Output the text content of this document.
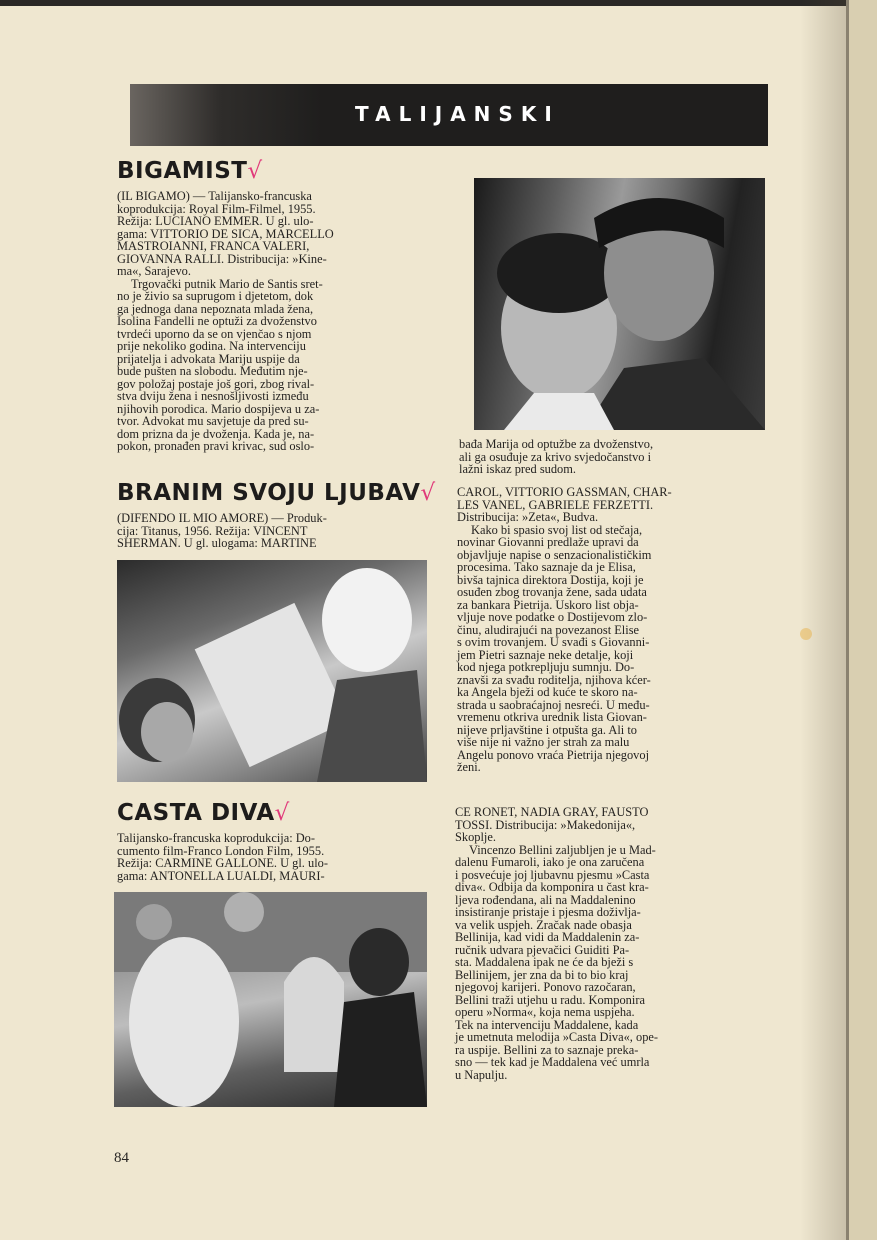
TALIJANSKI
BIGAMIST√

(IL BIGAMO) — Talijansko-francuska

koprodukcija: Royal Film-Filmel, 1955.

Režija: LUCIANO EMMER. U gl. ulo-

gama: VITTORIO DE SICA, MARCELLO

MASTROIANNI, FRANCA VALERI,

GIOVANNA RALLI. Distribucija: »Kine-

ma«, Sarajevo.

Trgovački putnik Mario de Santis sret-

no je živio sa suprugom i djetetom, dok

ga jednoga dana nepoznata mlada žena,

Isolina Fandelli ne optuži za dvoženstvo

tvrdeći uporno da se on vjenčao s njom

prije nekoliko godina. Na intervenciju

prijatelja i advokata Mariju uspije da

bude pušten na slobodu. Međutim nje-

gov položaj postaje još gori, zbog rival-

stva dviju žena i nesnošljivosti između

njihovih porodica. Mario dospijeva u za-

tvor. Advokat mu savjetuje da pred su-

dom prizna da je dvoženja. Kada je, na-

pokon, pronađen pravi krivac, sud oslo-	bađa Marija od optužbe za dvoženstvo,

ali ga osuđuje za krivo svjedočanstvo i

lažni iskaz pred sudom.

BRANIM SVOJU LJUBAV√

(DIFENDO IL MIO AMORE) — Produk-

cija: Titanus, 1956. Režija: VINCENT

SHERMAN. U gl. ulogama: MARTINE

CAROL, VITTORIO GASSMAN, CHAR-

LES VANEL, GABRIELE FERZETTI.

Distribucija: »Zeta«, Budva.

Kako bi spasio svoj list od stečaja,

novinar Giovanni predlaže upravi da

objavljuje napise o senzacionalističkim

procesima. Tako saznaje da je Elisa,

bivša tajnica direktora Dostija, koji je

osuđen zbog trovanja žene, sada udata

za bankara Pietrija. Uskoro list obja-

vljuje nove podatke o Dostijevom zlo-

činu, aludirajući na povezanost Elise

s ovim trovanjem. U svađi s Giovanni-

jem Pietri saznaje neke detalje, koji

kod njega potkrepljuju sumnju. Do-

znavši za svađu roditelja, njihova kćer-

ka Angela bježi od kuće te skoro na-

strada u saobraćajnoj nesreći. U među-

vremenu otkriva urednik lista Giovan-

nijeve prljavštine i otpušta ga. Ali to

više nije ni važno jer strah za malu

Angelu ponovo vraća Pietrija njegovoj

ženi.

CASTA DIVA√

Talijansko-francuska koprodukcija: Do-

cumento film-Franco London Film, 1955.

Režija: CARMINE GALLONE. U gl. ulo-

gama: ANTONELLA LUALDI, MAURI-

CE RONET, NADIA GRAY, FAUSTO

TOSSI. Distribucija: »Makedonija«,

Skoplje.

Vincenzo Bellini zaljubljen je u Mad-

dalenu Fumaroli, iako je ona zaručena

i posvećuje joj ljubavnu pjesmu »Casta

diva«. Odbija da komponira u čast kra-

ljeva rođendana, ali na Maddalenino

insistiranje pristaje i pjesma doživlja-

va velik uspjeh. Zračak nade obasja

Bellinija, kad vidi da Maddalenin za-

ručnik udvara pjevačici Guiditi Pa-

sta. Maddalena ipak ne će da bježi s

Bellinijem, jer zna da bi to bio kraj

njegovoj karijeri. Ponovo razočaran,

Bellini traži utjehu u radu. Komponira

operu »Norma«, koja nema uspjeha.

Tek na intervenciju Maddalene, kada

je umetnuta melodija »Casta Diva«, ope-

ra uspije. Bellini za to saznaje preka-

sno — tek kad je Maddalena već umrla

u Napulju.

84
